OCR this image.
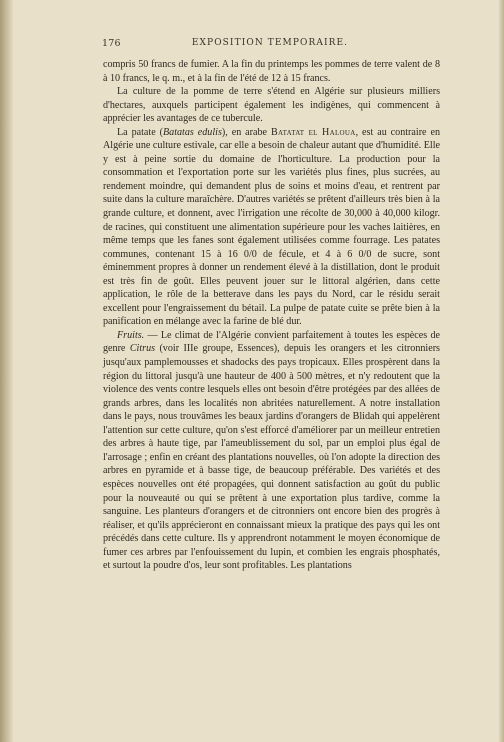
176	EXPOSITION TEMPORAIRE.

compris 50 francs de fumier. A la fin du printemps les pommes de terre valent de 8 à 10 francs, le q. m., et à la fin de l'été de 12 à 15 francs.

La culture de la pomme de terre s'étend en Algérie sur plusieurs milliers d'hectares, auxquels participent également les indigènes, qui commencent à apprécier les avantages de ce tubercule.

La patate (Batatas edulis), en arabe Batatat el Haloua, est au contraire en Algérie une culture estivale, car elle a besoin de chaleur autant que d'humidité. Elle y est à peine sortie du domaine de l'horticulture. La production pour la consommation et l'exportation porte sur les variétés plus fines, plus sucrées, au rendement moindre, qui demandent plus de soins et moins d'eau, et rentrent par suite dans la culture maraîchère. D'autres variétés se prêtent d'ailleurs très bien à la grande culture, et donnent, avec l'irrigation une récolte de 30,000 à 40,000 kilogr. de racines, qui constituent une alimentation supérieure pour les vaches laitières, en même temps que les fanes sont également utilisées comme fourrage. Les patates communes, contenant 15 à 16 0/0 de fécule, et 4 à 6 0/0 de sucre, sont éminemment propres à donner un rendement élevé à la distillation, dont le produit est très fin de goût. Elles peuvent jouer sur le littoral algérien, dans cette application, le rôle de la betterave dans les pays du Nord, car le résidu serait excellent pour l'engraissement du bétail. La pulpe de patate cuite se prête bien à la panification en mélange avec la farine de blé dur.

Fruits. — Le climat de l'Algérie convient parfaitement à toutes les espèces de genre Citrus (voir IIIe groupe, Essences), depuis les orangers et les citronniers jusqu'aux pamplemousses et shadocks des pays tropicaux. Elles prospèrent dans la région du littoral jusqu'à une hauteur de 400 à 500 mètres, et n'y redoutent que la violence des vents contre lesquels elles ont besoin d'être protégées par des allées de grands arbres, dans les localités non abritées naturellement. A notre installation dans le pays, nous trouvâmes les beaux jardins d'orangers de Blidah qui appelèrent l'attention sur cette culture, qu'on s'est efforcé d'améliorer par un meilleur entretien des arbres à haute tige, par l'ameublissement du sol, par un emploi plus égal de l'arrosage ; enfin en créant des plantations nouvelles, où l'on adopte la direction des arbres en pyramide et à basse tige, de beaucoup préférable. Des variétés et des espèces nouvelles ont été propagées, qui donnent satisfaction au goût du public pour la nouveauté ou qui se prêtent à une exportation plus tardive, comme la sanguine. Les planteurs d'orangers et de citronniers ont encore bien des progrès à réaliser, et qu'ils apprécieront en connaissant mieux la pratique des pays qui les ont précédés dans cette culture. Ils y apprendront notamment le moyen économique de fumer ces arbres par l'enfouissement du lupin, et combien les engrais phosphatés, et surtout la poudre d'os, leur sont profitables. Les plantations
